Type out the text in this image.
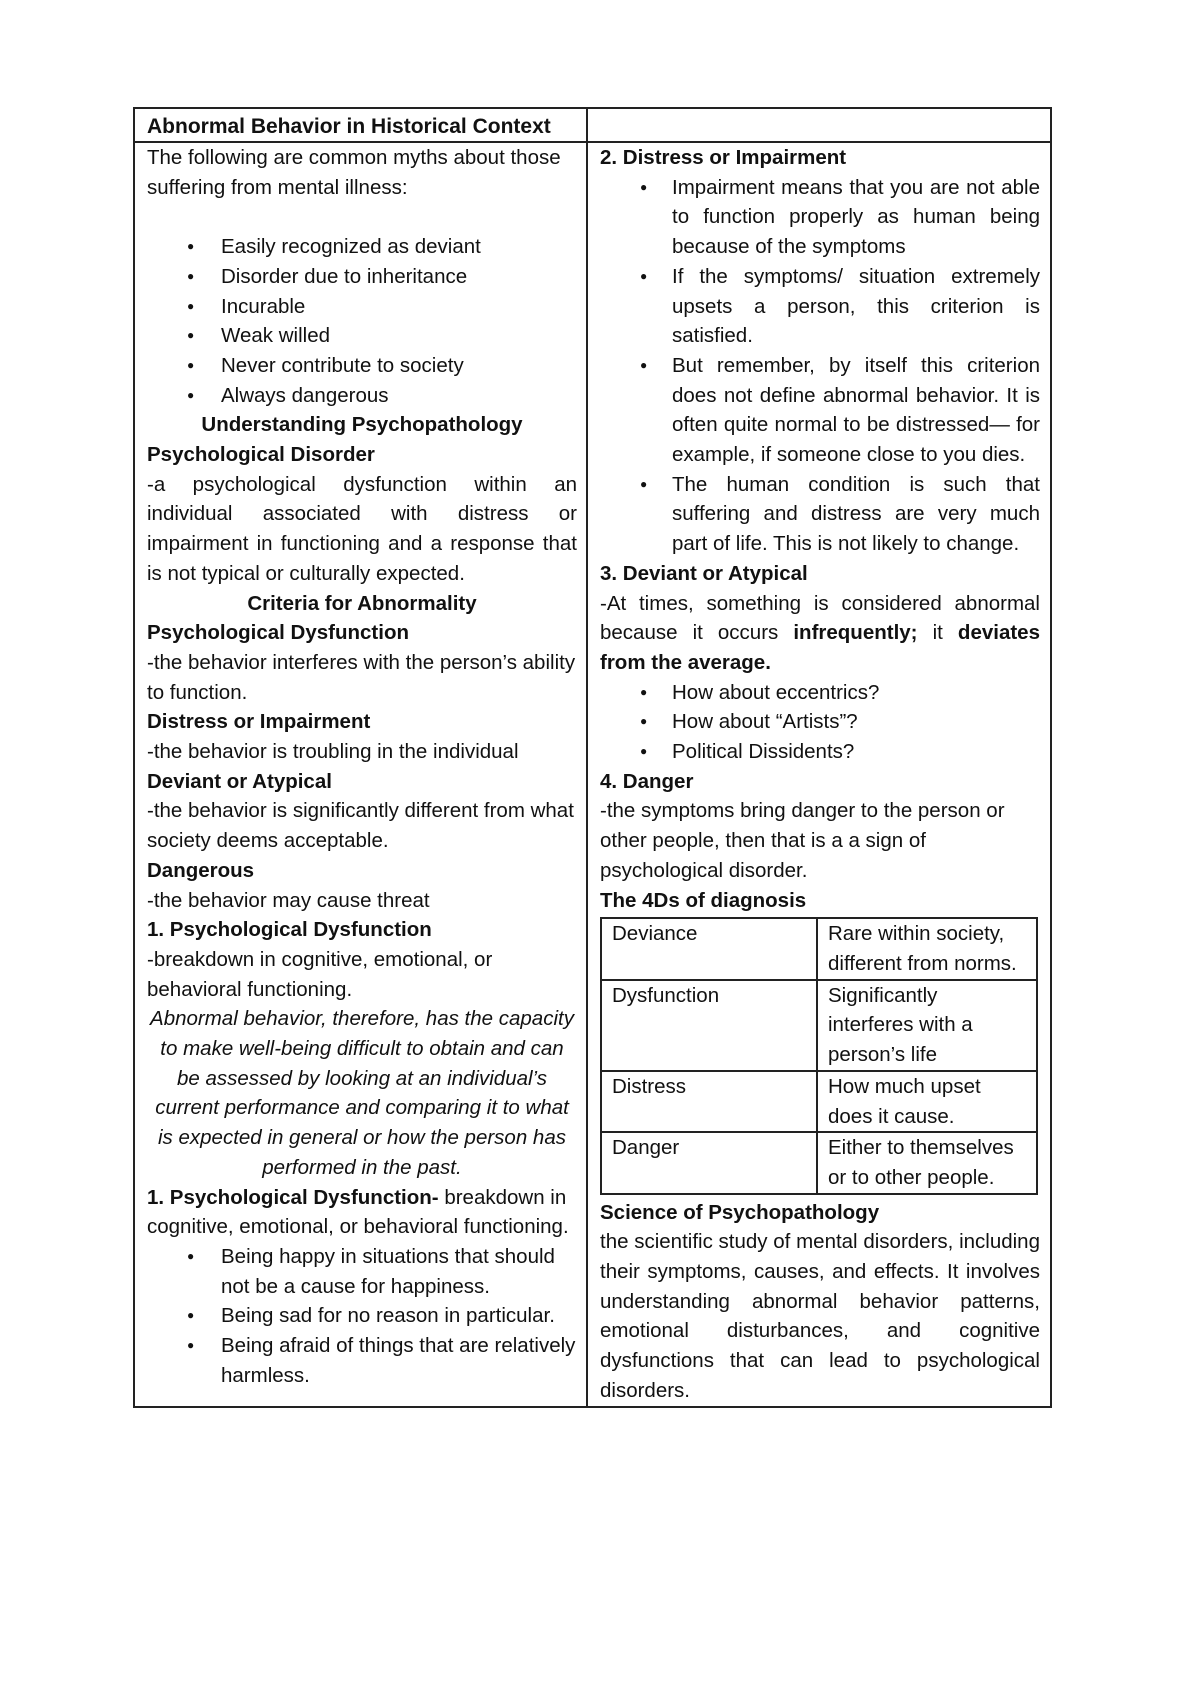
Abnormal Behavior in Historical Context

The following are common myths about those suffering from mental illness:

● Easily recognized as deviant
● Disorder due to inheritance
● Incurable
● Weak willed
● Never contribute to society
● Always dangerous

Understanding Psychopathology

Psychological Disorder

-a psychological dysfunction within an individual associated with distress or impairment in functioning and a response that is not typical or culturally expected.

Criteria for Abnormality

Psychological Dysfunction

-the behavior interferes with the person’s ability to function.

Distress or Impairment

-the behavior is troubling in the individual

Deviant or Atypical

-the behavior is significantly different from what society deems acceptable.

Dangerous

-the behavior may cause threat

1. Psychological Dysfunction

-breakdown in cognitive, emotional, or behavioral functioning.

Abnormal behavior, therefore, has the capacity to make well-being difficult to obtain and can be assessed by looking at an individual’s current performance and comparing it to what is expected in general or how the person has performed in the past.

1. Psychological Dysfunction- breakdown in cognitive, emotional, or behavioral functioning.

● Being happy in situations that should not be a cause for happiness.
● Being sad for no reason in particular.
● Being afraid of things that are relatively harmless.

2. Distress or Impairment

● Impairment means that you are not able to function properly as human being because of the symptoms
● If the symptoms/ situation extremely upsets a person, this criterion is satisfied.
● But remember, by itself this criterion does not define abnormal behavior. It is often quite normal to be distressed— for example, if someone close to you dies.
● The human condition is such that suffering and distress are very much part of life. This is not likely to change.

3. Deviant or Atypical

-At times, something is considered abnormal because it occurs infrequently; it deviates from the average.

● How about eccentrics?
● How about “Artists”?
● Political Dissidents?

4. Danger

-the symptoms bring danger to the person or other people, then that is a a sign of psychological disorder.

The 4Ds of diagnosis

Deviance	Rare within society, different from norms.
Dysfunction	Significantly interferes with a person’s life
Distress	How much upset does it cause.
Danger	Either to themselves or to other people.

Science of Psychopathology

the scientific study of mental disorders, including their symptoms, causes, and effects. It involves understanding abnormal behavior patterns, emotional disturbances, and cognitive dysfunctions that can lead to psychological disorders.
